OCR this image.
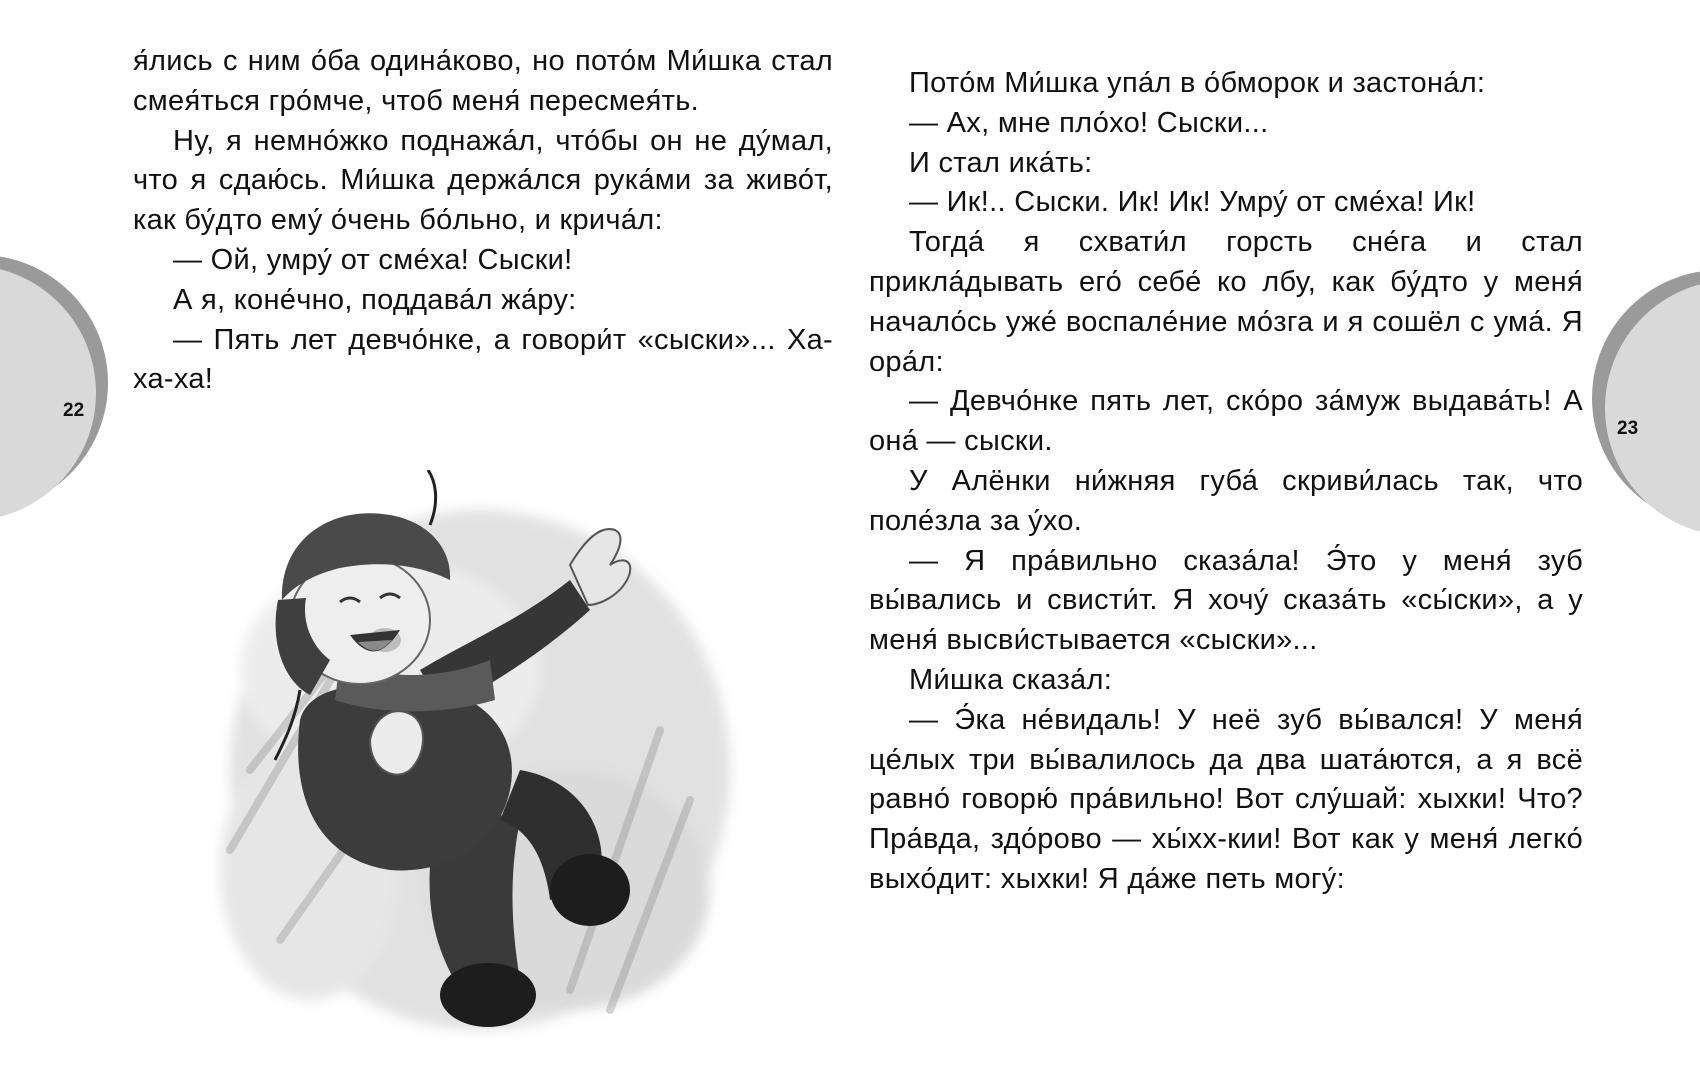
22

я́лись с ним о́ба одина́ково, но пото́м Ми́шка стал смея́ться гро́мче, чтоб меня́ пересмея́ть.

Ну, я немно́жко поднажа́л, что́бы он не ду́мал, что я сдаю́сь. Ми́шка держа́лся рука́ми за живо́т, как бу́дто ему́ о́чень бо́льно, и крича́л:

— Ой, умру́ от сме́ха! Сыски!

А я, коне́чно, поддава́л жа́ру:

— Пять лет девчо́нке, а говори́т «сыски»... Ха-ха-ха!

23

Пото́м Ми́шка упа́л в о́бморок и застона́л:

— Ах, мне пло́хо! Сыски...

И стал ика́ть:

— Ик!.. Сыски. Ик! Ик! Умру́ от сме́ха! Ик!

Тогда́ я схвати́л горсть сне́га и стал прикла́дывать его́ себе́ ко лбу, как бу́дто у меня́ начало́сь уже́ воспале́ние мо́зга и я сошёл с ума́. Я ора́л:

— Девчо́нке пять лет, ско́ро за́муж выдава́ть! А она́ — сыски.

У Алёнки ни́жняя губа́ скриви́лась так, что поле́зла за у́хо.

— Я пра́вильно сказа́ла! Э́то у меня́ зуб вы́вались и свисти́т. Я хочу́ сказа́ть «сы́ски», а у меня́ высви́стывается «сыски»...

Ми́шка сказа́л:

— Э́ка не́видаль! У неё зуб вы́вался! У меня́ це́лых три вы́валилось да два шата́ются, а я всё равно́ говорю́ пра́вильно! Вот слу́шай: хыхки! Что? Пра́вда, здо́рово — хы́хх-кии! Вот как у меня́ легко́ выхо́дит: хыхки! Я да́же петь могу́:
